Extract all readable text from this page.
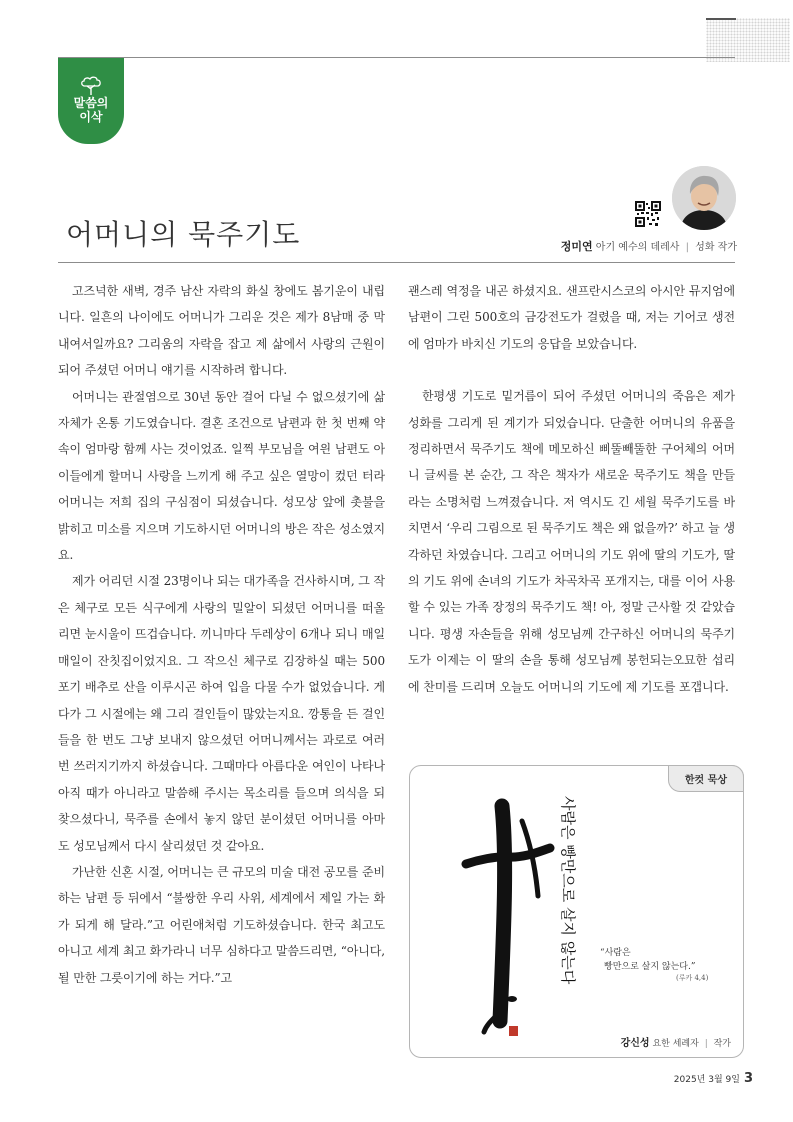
말씀의
이삭
어머니의 묵주기도	정미연 아기 예수의 데레사 | 성화 작가

고즈넉한 새벽, 경주 남산 자락의 화실 창에도 봄기운이 내립니다. 일흔의 나이에도 어머니가 그리운 것은 제가 8남매 중 막내여서일까요? 그리움의 자락을 잡고 제 삶에서 사랑의 근원이 되어 주셨던 어머니 얘기를 시작하려 합니다.

어머니는 관절염으로 30년 동안 걸어 다닐 수 없으셨기에 삶 자체가 온통 기도였습니다. 결혼 조건으로 남편과 한 첫 번째 약속이 엄마랑 함께 사는 것이었죠. 일찍 부모님을 여읜 남편도 아이들에게 할머니 사랑을 느끼게 해 주고 싶은 열망이 컸던 터라 어머니는 저희 집의 구심점이 되셨습니다. 성모상 앞에 촛불을 밝히고 미소를 지으며 기도하시던 어머니의 방은 작은 성소였지요.

제가 어리던 시절 23명이나 되는 대가족을 건사하시며, 그 작은 체구로 모든 식구에게 사랑의 밀알이 되셨던 어머니를 떠올리면 눈시울이 뜨겁습니다. 끼니마다 두레상이 6개나 되니 매일매일이 잔칫집이었지요. 그 작으신 체구로 김장하실 때는 500포기 배추로 산을 이루시곤 하여 입을 다물 수가 없었습니다. 게다가 그 시절에는 왜 그리 걸인들이 많았는지요. 깡통을 든 걸인들을 한 번도 그냥 보내지 않으셨던 어머니께서는 과로로 여러 번 쓰러지기까지 하셨습니다. 그때마다 아름다운 여인이 나타나 아직 때가 아니라고 말씀해 주시는 목소리를 들으며 의식을 되찾으셨다니, 묵주를 손에서 놓지 않던 분이셨던 어머니를 아마도 성모님께서 다시 살리셨던 것 같아요.

가난한 신혼 시절, 어머니는 큰 규모의 미술 대전 공모를 준비하는 남편 등 뒤에서 “불쌍한 우리 사위, 세계에서 제일 가는 화가 되게 해 달라.”고 어린애처럼 기도하셨습니다. 한국 최고도 아니고 세계 최고 화가라니 너무 심하다고 말씀드리면, “아니다, 될 만한 그릇이기에 하는 거다.”고

괜스레 역정을 내곤 하셨지요. 샌프란시스코의 아시안 뮤지엄에 남편이 그린 500호의 금강전도가 걸렸을 때, 저는 기어코 생전에 엄마가 바치신 기도의 응답을 보았습니다.

한평생 기도로 밑거름이 되어 주셨던 어머니의 죽음은 제가 성화를 그리게 된 계기가 되었습니다. 단출한 어머니의 유품을 정리하면서 묵주기도 책에 메모하신 삐뚤빼뚤한 구어체의 어머니 글씨를 본 순간, 그 작은 책자가 새로운 묵주기도 책을 만들라는 소명처럼 느껴졌습니다. 저 역시도 긴 세월 묵주기도를 바치면서 ‘우리 그림으로 된 묵주기도 책은 왜 없을까?’ 하고 늘 생각하던 차였습니다. 그리고 어머니의 기도 위에 딸의 기도가, 딸의 기도 위에 손녀의 기도가 차곡차곡 포개지는, 대를 이어 사용할 수 있는 가족 장정의 묵주기도 책! 아, 정말 근사할 것 같았습니다. 평생 자손들을 위해 성모님께 간구하신 어머니의 묵주기도가 이제는 이 딸의 손을 통해 성모님께 봉헌되는오묘한 섭리에 찬미를 드리며 오늘도 어머니의 기도에 제 기도를 포갭니다.

한컷 묵상
사람은 빵만으로 살지 않는다	“사람은
빵만으로 살지 않는다.”
(루카 4,4)
강신성 요한 세례자 | 작가
2025년 3월 9일 3
